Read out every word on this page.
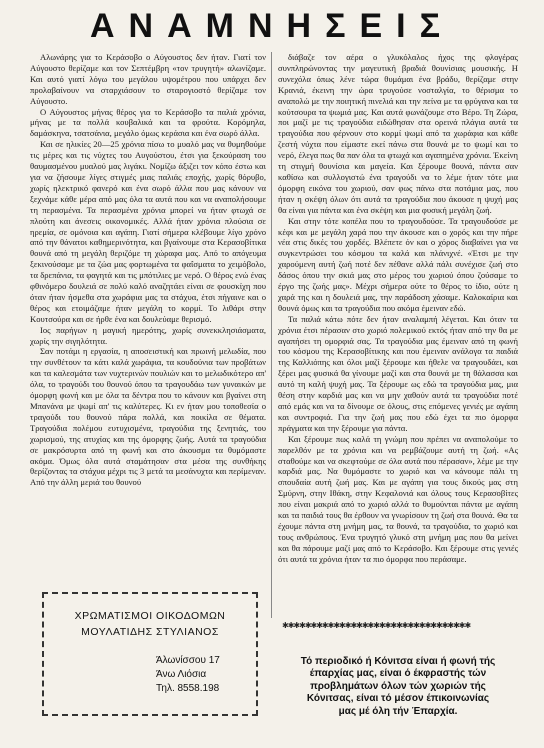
ΑΝΑΜΝΗΣΕΙΣ

Αλωνάρης για το Κεράσοβο ο Αύγουστος δεν ήταν. Γιατί τον Αύγουστο θερίζαμε και τον Σεπτέμβρη «τον τρυγητή» αλωνίζαμε. Και αυτό γιατί λόγω του μεγάλου υψομέτρου που υπάρχει δεν προλαβαίνουν να σταρχιάσουν το σταρογιοστό θερίζαμε τον Αύγουστο.

Ο Αύγουστος μήνας θέρος για το Κεράσοβο τα παλιά χρόνια, μήνας με τα πολλά κουβαλικά και τα φρούτα. Κορόμηλα, δαμάσκηνα, τσατσάνια, μεγάλο όμως κεράσια και ένα σωρό άλλα.

Και σε ηλικίες 20—25 χρόνια πίσω το μυαλό μας να θυμηθούμε τις μέρες και τις νύχτες του Αυγούστου, έτσι για ξεκούραση του θαυμασμένου μυαλού μας λιγάκι. Νομίζω άξιζει τον κόπο έστω και για να ζήσουμε λίγες στιγμές μιας παλιάς εποχής, χωρίς θόρυβο, χωρίς ηλεκτρικό φανερό και ένα σωρό άλλα που μας κάνουν να ξεχνάμε κάθε μέρα από μας όλα τα αυτά που και να αναπολήσουμε τη περασμένα. Τα περασμένα χρόνια μπορεί να ήταν φτωχά σε πλούτη και άνεσεις οικονομικές. Αλλά ήταν χρόνια πλούσια σε ηρεμία, σε ομόνοια και αγάπη. Γιατί σήμερα κλέβουμε λίγο χρόνο από την θάνατοι καθημερινότητα, και βγαίνουμε στα Κερασοβίτικα θουνά από τη μεγάλη θεριζόμε τη χώραφα μας. Από το απόγευμα ξεκινούσαμε με τα ζώα μας φορτωμένα τα φαΐσματα το χειμόβολο, τα δρεπάνια, τα φαγητά και τις μπότιλιες με νερό. Ο θέρος ενώ ένας φθινόμερο δουλειά σε πολύ καλό αναζητάει είναι σε φουσκίχη που όταν ήταν ήσμεθα στα χωράφια μας τα στάχυα, έτσι πήγαινε και ο θέρος και ετοιμάζαμε ήταν μεγάλη το κορμί. Το λιθάρι στην Κουτσούρα και σε ήρθε ένα και δουλεύαμε θερισμό.

Ιος παρήγων η μαγική ημερότης, χωρίς συνεκκλησιάσματα, χωρίς την σιγηλότητα.

Σαν ποτάμι η εργασία, η αποσειστική και πρωινή μελωδία, που την συνθέτουν τα κάτι καλά χωράφια, τα κουδούνια των προβάτων και τα καλεσμάτα των νυχτερινών πουλιών και το μελωδικότερο απ' όλα, το τραγούδι του θουνού όπου τα τραγουδάω των γυναικών με όμορφη φωνή και με όλα τα δέντρα που το κάνουν και βγαίνει στη Μπανάνα με ψωμί απ' τις καλύτερες. Κι εν ήταν μου τοποθεσία ο τραγούδι του θουνού πάρα πολλά, και ποικίλα σε θέματα. Τραγούδια πολέμου ευτυχισμένα, τραγούδια της ξενητιάς, του χωρισμού, της ατυχίας και της όμορφης ζωής. Αυτά τα τραγούδια σε μακρόσυρτα από τη φωνή και στο άκουσμα τα θυμόμαστε ακόμα. Όμως όλα αυτά σταμάτησαν στα μέσα της συνθήκης θερίζοντας τα στάχυα μέχρι τις 3 μετά τα μεσάνυχτα και περίμεναν. Από την άλλη μεριά του θουνού

διάβαζε τον αέρα ο γλυκόλαλος ήχος της φλογέρας συνπληρώνοντας την μαγευτική βραδιά θουνίσιας μουσικής. Η συνεχόλα όπως λένε τώρα θυμάμαι ένα βράδυ, θερίζαμε στην Κρανιά, έκεινη την ώρα τρυγούσε νοσταλγία, το θέρισμα το αναπολώ με την ποιητική πινελιά και την πείνα με τα φρύγανα και τα κούτσουρα τα ψωμιά μας. Και αυτά φωνάζουμε στο Βέρο. Τη Ζώρα, ποι μαζί με τις τραγούδια ειδώθησαν στα ορεινά πλάγια αυτά τα τραγούδια που φέρνουν στο κορμί ψωμί από τα χωράφια και κάθε ζεστή νύχτα που είμαστε εκεί πάνω στα θουνά με το ψωμί και το νερό, έλεγα πως θα παν όλα τα φτωχά και αγαπημένα χρόνια. Έκείνη τη στιγμή θουνίσια και μαγεία. Και ξέρουμε θουνά, πάντα σαν καθίσω και συλλογιστώ ένα τραγούδι να το λέμε ήταν τότε μια όμορφη εικόνα του χωριού, σαν φως πάνω στα ποτάμια μας, που ήταν η σκέψη όλων ότι αυτά τα τραγούδια που άκουσε η ψυχή μας θα είναι για πάντα και ένα σκέψη και μια φυσική μεγάλη ζωή.

Και στην τότε κοπέλα που το τραγουδούσε. Τα τραγουδούσε με κέφι και με μεγάλη χαρά που την άκουσε και ο χορός και την πήρε νέα στις δικές του χορδές. Βλέπετε όν και ο χόρος διαβαίνει για να συγκεντρώσει του κόσμου τα καλά και πλάνιχνέ. «Έτσι με την χαρούμενη αυτή ζωή ποτέ δεν πέθανε αλλά πάλι συνέχισε ζωή στο δάσος όπου την σκιά μας στο μέρος του χωριού όπου ζούσαμε το έργο της ζωής μας». Μέχρι σήμερα ούτε το θέρος το ίδιο, ούτε η χαρά της και η δουλειά μας, την παράδοση χάσαμε. Καλοκαίρια και θουνά όμως και τα τραγούδια που ακόμα έμειναν εδώ.

Τα παλιά κάτω πότε δεν ήταν αναλαμπή λέγεται. Και όταν τα χρόνια έτσι πέρασαν στο χωριό πολεμικού εκτός ήταν από την θα με αγαπήσει τη ομορφιά σας. Τα τραγούδια μας έμειναν από τη φωνή του κόσμου της Κερασοβίτικης και που έμειναν ανάλογα τα παιδιά της Καλλιόπης και όλοι μαζί ξέρουμε και ήθελε να τραγουδάει, και ξέρει μας φυσικά θα γίνουμε μαζί και στα θουνά με τη θάλασσα και αυτό τη καλή ψυχή μας. Τα ξέρουμε ως εδώ τα τραγούδια μας, μια θέση στην καρδιά μας και να μην χαθούν αυτά τα τραγούδια ποτέ από εμάς και να τα δίνουμε σε όλους, στις επόμενες γενιές με αγάπη και συντροφιά. Για την ζωή μας που εδώ έχει τα πιο όμορφα πράγματα και την ξέρουμε για πάντα.

Και ξέρουμε πως καλά τη γνώμη που πρέπει να αναπολούμε το παρελθόν με τα χρόνια και να ρεμβάζουμε αυτή τη ζωή. «Ας σταθούμε και να σκεφτούμε σε όλα αυτά που πέρασαν», λέμε με την καρδιά μας. Να θυμόμαστε το χωριό και να κάνουμε πάλι τη σπουδαία αυτή ζωή μας. Και με αγάπη για τους δικούς μας στη Σμύρνη, στην Ιθάκη, στην Κεφαλονιά και όλους τους Κερασοβίτες που είναι μακριά από το χωριό αλλά το θυμούνται πάντα με αγάπη και τα παιδιά τους θα έρθουν να γνωρίσουν τη ζωή στα θουνά. Θα τα έχουμε πάντα στη μνήμη μας, τα θουνά, τα τραγούδια, το χωριό και τους ανθρώπους. Ένα τρυγητό γλυκό στη μνήμη μας που θα μείνει και θα πάρουμε μαζί μας από το Κεράσοβο. Και ξέρουμε στις γενιές ότι αυτά τα χρόνια ήταν τα πιο όμορφα που περάσαμε.

ΧΡΩΜΑΤΙΣΜΟΙ ΟΙΚΟΔΟΜΩΝ
ΜΟΥΛΑΤΙΔΗΣ ΣΤΥΛΙΑΝΟΣ
Άλωνίσσου 17
Άνω Λιόσια
Τηλ. 8558.198
✱✱✱✱✱✱✱✱✱✱✱✱✱✱✱✱✱✱✱✱✱✱✱✱✱✱✱✱✱✱✱✱✱
Τό περιοδικό ή Κόνιτσα είναι ή φωνή τής έπαρχίας μας, είναι ό έκφραστής τών προβλημάτων όλων τών χωριών τής Κόνιτσας, είναι τό μέσον έπικοινωνίας μας μέ όλη τήν Έπαρχία.
